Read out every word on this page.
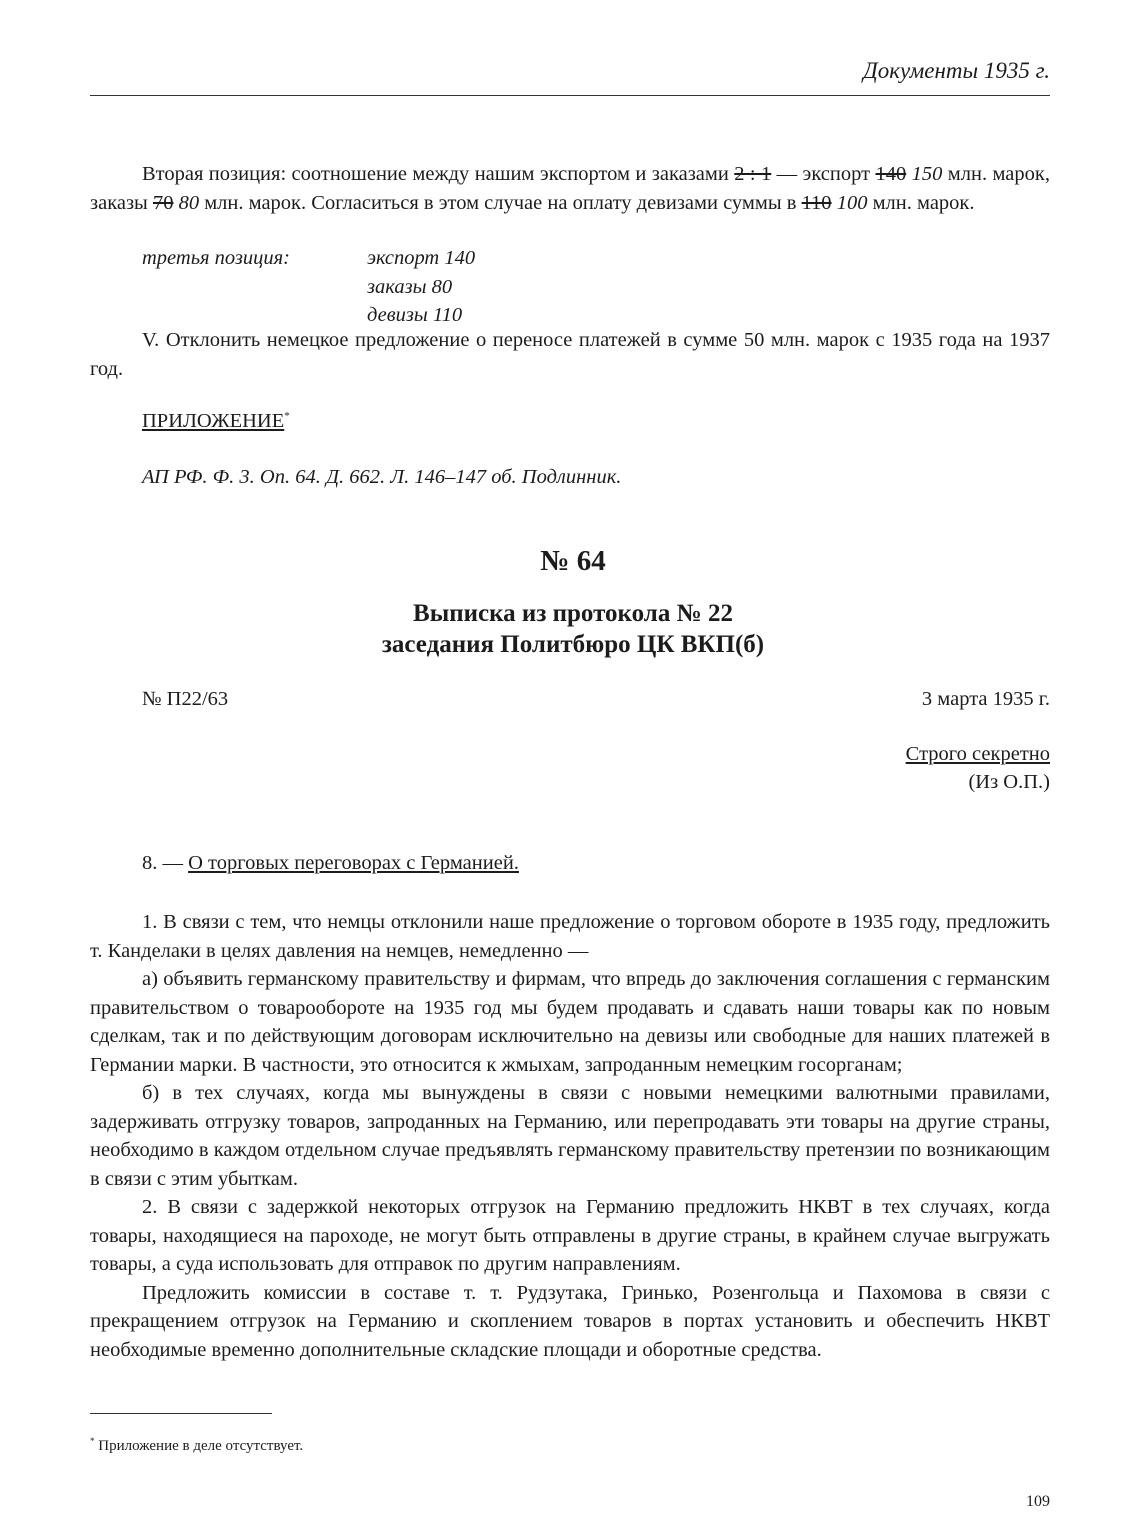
Документы 1935 г.
Вторая позиция: соотношение между нашим экспортом и заказами 2 : 1 — экспорт 140 150 млн. марок, заказы 70 80 млн. марок. Согласиться в этом случае на оплату девизами суммы в 110 100 млн. марок.
третья позиция:	экспорт 140
заказы 80
девизы 110
V. Отклонить немецкое предложение о переносе платежей в сумме 50 млн. марок с 1935 года на 1937 год.
ПРИЛОЖЕНИЕ*
АП РФ. Ф. 3. Оп. 64. Д. 662. Л. 146–147 об. Подлинник.
№ 64
Выписка из протокола № 22
заседания Политбюро ЦК ВКП(б)
№ П22/63	3 марта 1935 г.
Строго секретно
(Из О.П.)
8. — О торговых переговорах с Германией.
1. В связи с тем, что немцы отклонили наше предложение о торговом обороте в 1935 году, предложить т. Канделаки в целях давления на немцев, немедленно —
а) объявить германскому правительству и фирмам, что впредь до заключения соглашения с германским правительством о товарообороте на 1935 год мы будем продавать и сдавать наши товары как по новым сделкам, так и по действующим договорам исключительно на девизы или свободные для наших платежей в Германии марки. В частности, это относится к жмыхам, запроданным немецким госорганам;
б) в тех случаях, когда мы вынуждены в связи с новыми немецкими валютными правилами, задерживать отгрузку товаров, запроданных на Германию, или перепродавать эти товары на другие страны, необходимо в каждом отдельном случае предъявлять германскому правительству претензии по возникающим в связи с этим убыткам.
2. В связи с задержкой некоторых отгрузок на Германию предложить НКВТ в тех случаях, когда товары, находящиеся на пароходе, не могут быть отправлены в другие страны, в крайнем случае выгружать товары, а суда использовать для отправок по другим направлениям.
Предложить комиссии в составе т. т. Рудзутака, Гринько, Розенгольца и Пахомова в связи с прекращением отгрузок на Германию и скоплением товаров в портах установить и обеспечить НКВТ необходимые временно дополнительные складские площади и оборотные средства.
* Приложение в деле отсутствует.
109
